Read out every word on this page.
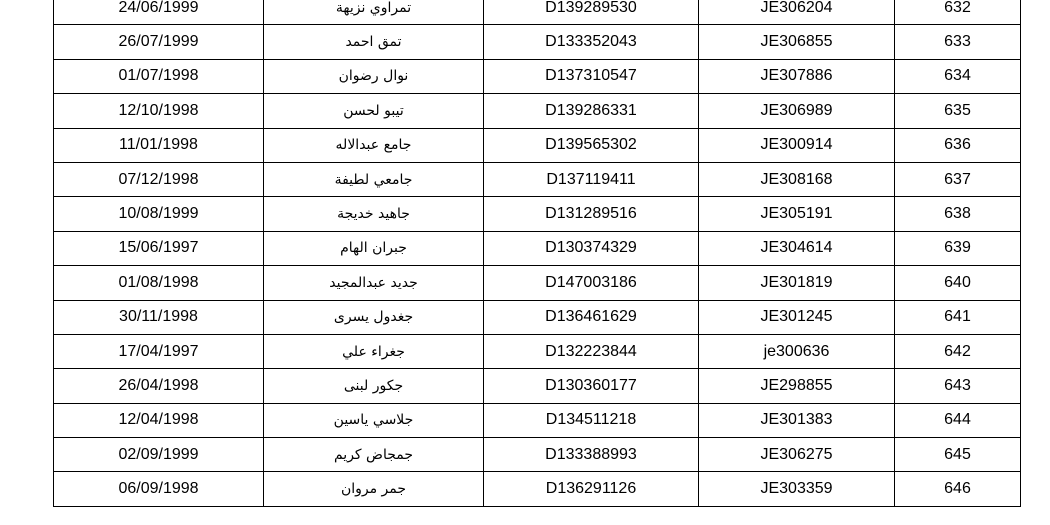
24/06/1999	تمراوي نزيهة	D139289530	JE306204	632
26/07/1999	تمق احمد	D133352043	JE306855	633
01/07/1998	نوال رضوان	D137310547	JE307886	634
12/10/1998	تيبو لحسن	D139286331	JE306989	635
11/01/1998	جامع عبدالاله	D139565302	JE300914	636
07/12/1998	جامعي لطيفة	D137119411	JE308168	637
10/08/1999	جاهيد خديجة	D131289516	JE305191	638
15/06/1997	جبران الهام	D130374329	JE304614	639
01/08/1998	جديد عبدالمجيد	D147003186	JE301819	640
30/11/1998	جغدول يسرى	D136461629	JE301245	641
17/04/1997	جغراء علي	D132223844	je300636	642
26/04/1998	جكور لبنى	D130360177	JE298855	643
12/04/1998	جلاسي ياسين	D134511218	JE301383	644
02/09/1999	جمجاض كريم	D133388993	JE306275	645
06/09/1998	جمر مروان	D136291126	JE303359	646
